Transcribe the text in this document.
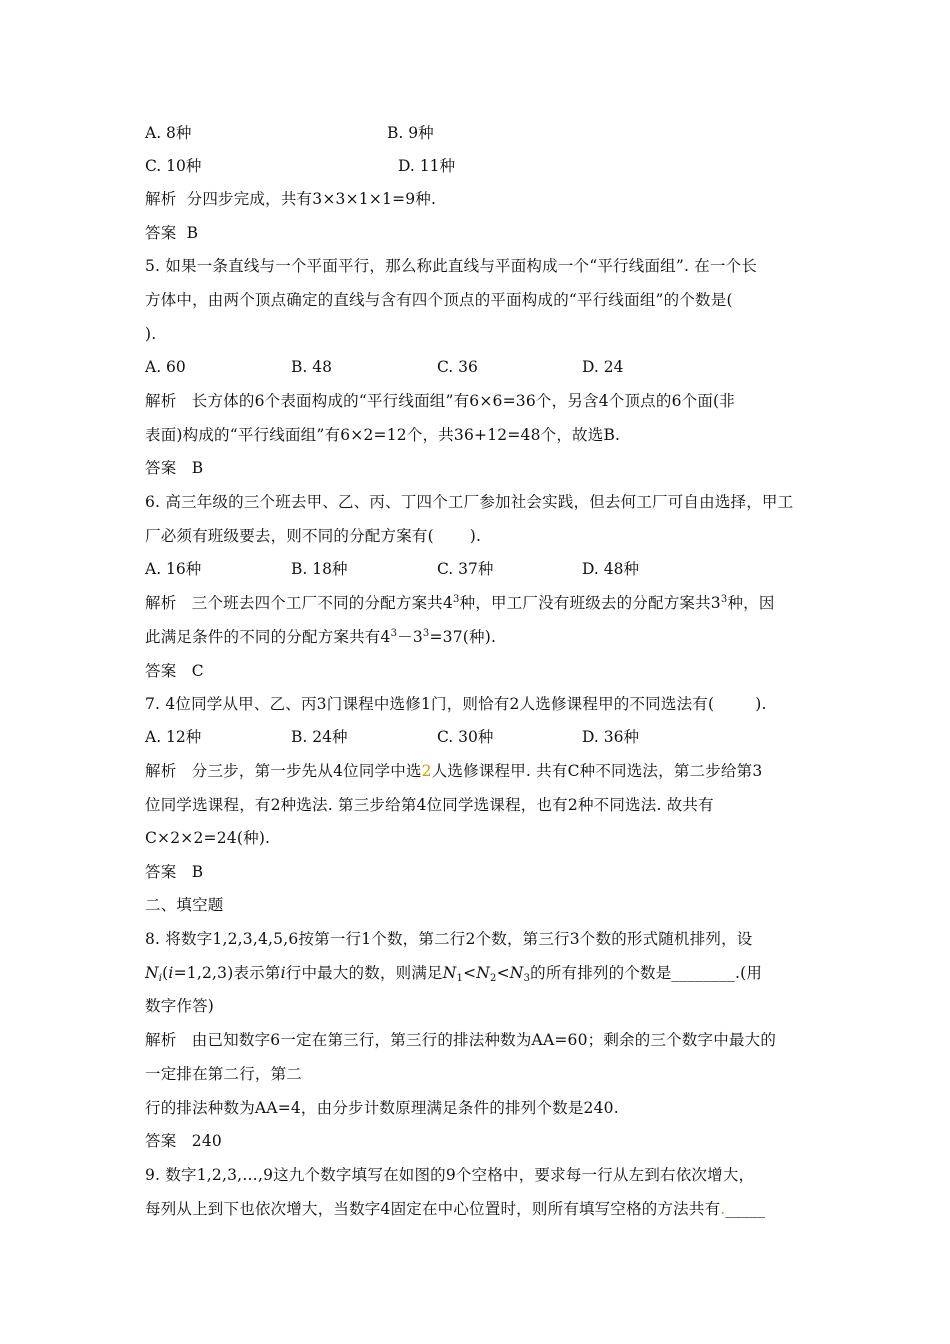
A. 8种	B. 9种
C. 10种	D. 11种
解析  分四步完成，共有3×3×1×1=9种.
答案  B
5. 如果一条直线与一个平面平行，那么称此直线与平面构成一个“平行线面组”. 在一个长
方体中，由两个顶点确定的直线与含有四个顶点的平面构成的“平行线面组”的个数是(
).
A. 60	B. 48	C. 36	D. 24
解析   长方体的6个表面构成的“平行线面组”有6×6=36个，另含4个顶点的6个面(非
表面)构成的“平行线面组”有6×2=12个，共36+12=48个，故选B.
答案   B
6. 高三年级的三个班去甲、乙、丙、丁四个工厂参加社会实践，但去何工厂可自由选择，甲工
厂必须有班级要去，则不同的分配方案有(       ).
A. 16种	B. 18种	C. 37种	D. 48种
解析   三个班去四个工厂不同的分配方案共$4^3$种，甲工厂没有班级去的分配方案共$3^3$种，因
此满足条件的不同的分配方案共有$4^3-3^3=37$(种).
答案   C
7. 4位同学从甲、乙、丙3门课程中选修1门，则恰有2人选修课程甲的不同选法有(        ).
A. 12种	B. 24种	C. 30种	D. 36种
解析   分三步，第一步先从4位同学中选2人选修课程甲. 共有C种不同选法，第二步给第3
位同学选课程，有2种选法. 第三步给第4位同学选课程，也有2种不同选法. 故共有
C×2×2=24(种).
答案   B
二、填空题
8. 将数字1,2,3,4,5,6按第一行1个数，第二行2个数，第三行3个数的形式随机排列，设
$N_i(i=1,2,3)$表示第i行中最大的数，则满足$N_1<N_2<N_3$的所有排列的个数是________.(用
数字作答)
解析   由已知数字6一定在第三行，第三行的排法种数为AA=60；剩余的三个数字中最大的
一定排在第二行，第二
行的排法种数为AA=4，由分步计数原理满足条件的排列个数是240.
答案   240
9. 数字1,2,3,…,9这九个数字填写在如图的9个空格中，要求每一行从左到右依次增大，
每列从上到下也依次增大，当数字4固定在中心位置时，则所有填写空格的方法共有._____
